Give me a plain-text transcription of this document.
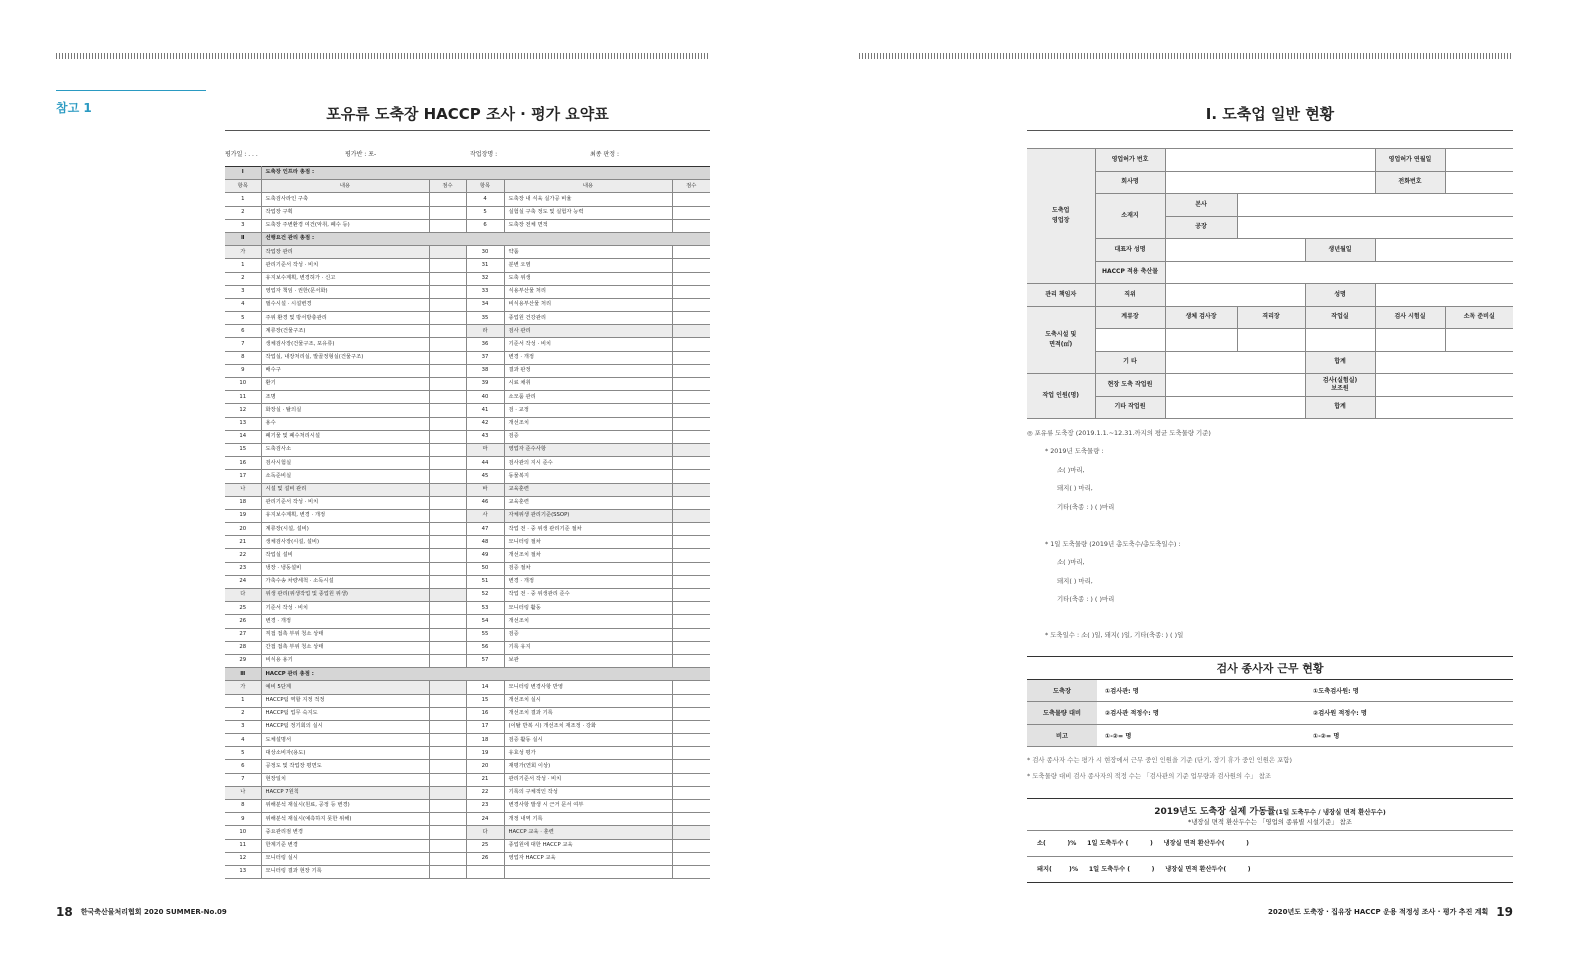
참고 1	포유류 도축장 HACCP 조사 · 평가 요약표
평가일 : . . .	평가반 : 포-	작업장명 :	최종 판정 :
Ⅰ	도축장 인프라 총점 :				
항목	내용	점수	항목	내용	점수
1	도축검사라인 구축		4	도축장 내 식육 실가공 비율	
2	작업장 구획		5	실험실 구축 정도 및 실험자 능력	
3	도축장 주변환경 여건(악취, 폐수 등)		6	도축장 전체 면적	
Ⅱ	선행요건 관리 총점 :				
가	작업장 관리		30	약품	
1	관리기준서 작성 · 비치		31	분변 오염	
2	유지보수계획, 변경허가 · 신고		32	도축 위생	
3	영업자 책임 · 권한(문서화)		33	식용부산물 처리	
4	필수시설 · 시설변경		34	비식용부산물 처리	
5	주위 환경 및 방서방충관리		35	종업원 건강관리	
6	계류장(건물구조)		라	검사 관리	
7	생체검사장(건물구조, 포유류)		36	기준서 작성 · 비치	
8	작업실, 내장처리실, 발골정형실(건물구조)		37	변경 · 개정	
9	배수구		38	결과 판정	
10	환기		39	시료 채취	
11	조명		40	소모품 관리	
12	화장실 · 탈의실		41	검 · 교정	
13	용수		42	개선조치	
14	폐기물 및 폐수처리시설		43	검증	
15	도축검사소		마	영업자 준수사항	
16	검사시험실		44	검사관의 지시 준수	
17	소독준비실		45	동물복지	
나	시설 및 설비 관리		바	교육훈련	
18	관리기준서 작성 · 비치		46	교육훈련	
19	유지보수계획, 변경 · 개정		사	자체위생 관리기준(SSOP)	
20	계류장(시설, 설비)		47	작업 전 · 중 위생 관리기준 절차	
21	생체검사장(시설, 설비)		48	모니터링 절차	
22	작업실 설비		49	개선조치 절차	
23	냉장 · 냉동설비		50	검증 절차	
24	가축수송 차량세척 · 소독시설		51	변경 · 개정	
다	위생 관리(위생작업 및 종업원 위생)		52	작업 전 · 중 위생관리 준수	
25	기준서 작성 · 비치		53	모니터링 활동	
26	변경 · 개정		54	개선조치	
27	직접 접촉 부위 청소 상태		55	검증	
28	간접 접촉 부위 청소 상태		56	기록 유지	
29	비식용 용기		57	보관	
Ⅲ	HACCP 관리 총점 :				
가	예비 5단계		14	모니터링 변경사항 반영	
1	HACCP팀 역할 지정 적정		15	개선조치 실시	
2	HACCP팀 업무 숙지도		16	개선조치 결과 기록	
3	HACCP팀 정기회의 실시		17	(이탈 반복 시) 개선조치 재조정 · 강화	
4	도체설명서		18	검증 활동 실시	
5	대상소비자(용도)		19	유효성 평가	
6	공정도 및 작업장 평면도		20	재평가(연회 이상)	
7	현장일치		21	관리기준서 작성 · 비치	
나	HACCP 7원칙		22	기록의 구체적인 작성	
8	위해분석 재실시(원료, 공정 등 변경)		23	변경사항 발생 시 근거 문서 여부	
9	위해분석 재실시(예측하지 못한 위해)		24	개정 내역 기록	
10	중요관리점 변경		다	HACCP 교육 · 훈련	
11	한계기준 변경		25	종업원에 대한 HACCP 교육	
12	모니터링 실시		26	영업자 HACCP 교육	
13	모니터링 결과 현장 기록				
18 한국축산물처리협회 2020 SUMMER-No.09
Ⅰ. 도축업 일반 현황
도축업
영업장	영업허가 번호				영업허가 연월일	
	회사명				전화번호	
	소재지	본사				
		공장				
	대표자 성명			생년월일		
	HACCP 적용 축산물					
관리 책임자	직위			성명		
도축시설 및
면적(㎡)	계류장	생체 검사장	격리장	작업실	검사 시험실	소독 준비실

	기 타			합계		
작업 인원(명)	현장 도축 작업원			검사(실험실)
보조원		
	기타 작업원			합계		
◎ 포유류 도축장 (2019.1.1.~12.31.까지의 평균 도축물량 기준)
* 2019년 도축물량 :
소( )마리,
돼지( ) 마리,
기타(축종 : ) ( )마리
* 1일 도축물량 (2019년 총도축수/총도축일수) :
소( )마리,
돼지( ) 마리,
기타(축종 : ) ( )마리
* 도축일수 : 소( )일, 돼지( )일, 기타(축종: ) ( )일
검사 종사자 근무 현황
도축장	①검사관: 명	①도축검사원: 명
도축물량 대비	②검사관 적정수: 명	②검사원 적정수: 명
비고	①-②= 명	①-②= 명
* 검사 종사자 수는 평가 시 현장에서 근무 중인 인원을 기준 (단기, 장기 휴가 중인 인원은 포함)
* 도축물량 대비 검사 종사자의 적정 수는 「검사관의 기준 업무량과 검사원의 수」 참조
2019년도 도축장 실제 가동률(1일 도축두수 / 냉장실 면적 환산두수)
*냉장실 면적 환산두수는 「영업의 종류별 시설기준」 참조
소(          )%     1일 도축두수 (          )     냉장실 면적 환산두수(          )
돼지(        )%     1일 도축두수 (          )     냉장실 면적 환산두수(          )
2020년도 도축장 · 집유장 HACCP 운용 적정성 조사 · 평가 추진 계획 19
